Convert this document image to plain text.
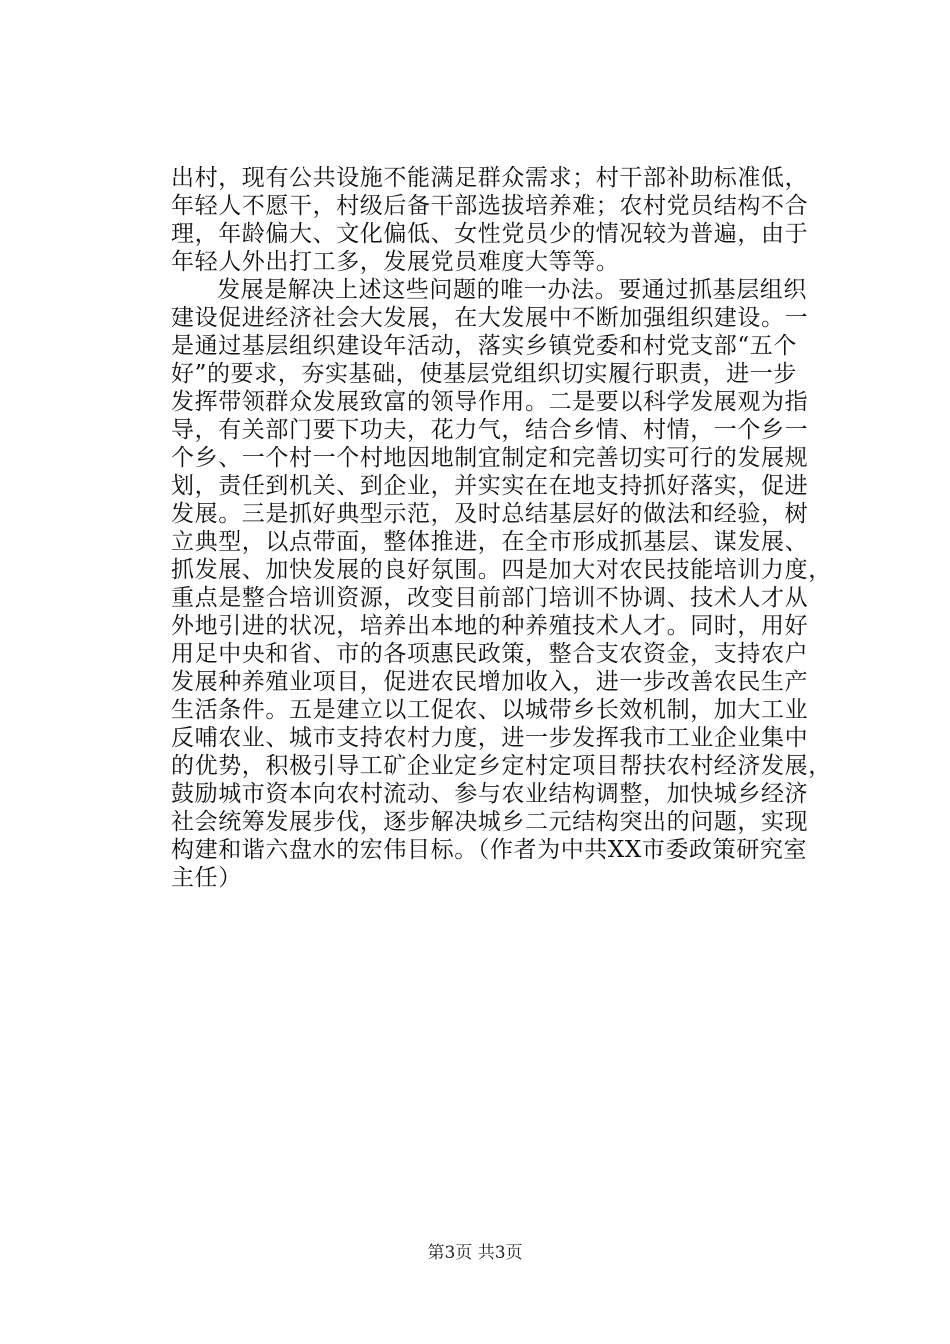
出村，现有公共设施不能满足群众需求；村干部补助标准低，
年轻人不愿干，村级后备干部选拔培养难；农村党员结构不合
理，年龄偏大、文化偏低、女性党员少的情况较为普遍，由于
年轻人外出打工多，发展党员难度大等等。
发展是解决上述这些问题的唯一办法。要通过抓基层组织
建设促进经济社会大发展，在大发展中不断加强组织建设。一
是通过基层组织建设年活动，落实乡镇党委和村党支部“五个
好”的要求，夯实基础，使基层党组织切实履行职责，进一步
发挥带领群众发展致富的领导作用。二是要以科学发展观为指
导，有关部门要下功夫，花力气，结合乡情、村情，一个乡一
个乡、一个村一个村地因地制宜制定和完善切实可行的发展规
划，责任到机关、到企业，并实实在在地支持抓好落实，促进
发展。三是抓好典型示范，及时总结基层好的做法和经验，树
立典型，以点带面，整体推进，在全市形成抓基层、谋发展、
抓发展、加快发展的良好氛围。四是加大对农民技能培训力度，
重点是整合培训资源，改变目前部门培训不协调、技术人才从
外地引进的状况，培养出本地的种养殖技术人才。同时，用好
用足中央和省、市的各项惠民政策，整合支农资金，支持农户
发展种养殖业项目，促进农民增加收入，进一步改善农民生产
生活条件。五是建立以工促农、以城带乡长效机制，加大工业
反哺农业、城市支持农村力度，进一步发挥我市工业企业集中
的优势，积极引导工矿企业定乡定村定项目帮扶农村经济发展，
鼓励城市资本向农村流动、参与农业结构调整，加快城乡经济
社会统筹发展步伐，逐步解决城乡二元结构突出的问题，实现
构建和谐六盘水的宏伟目标。（作者为中共XX市委政策研究室
主任）
第3页 共3页
